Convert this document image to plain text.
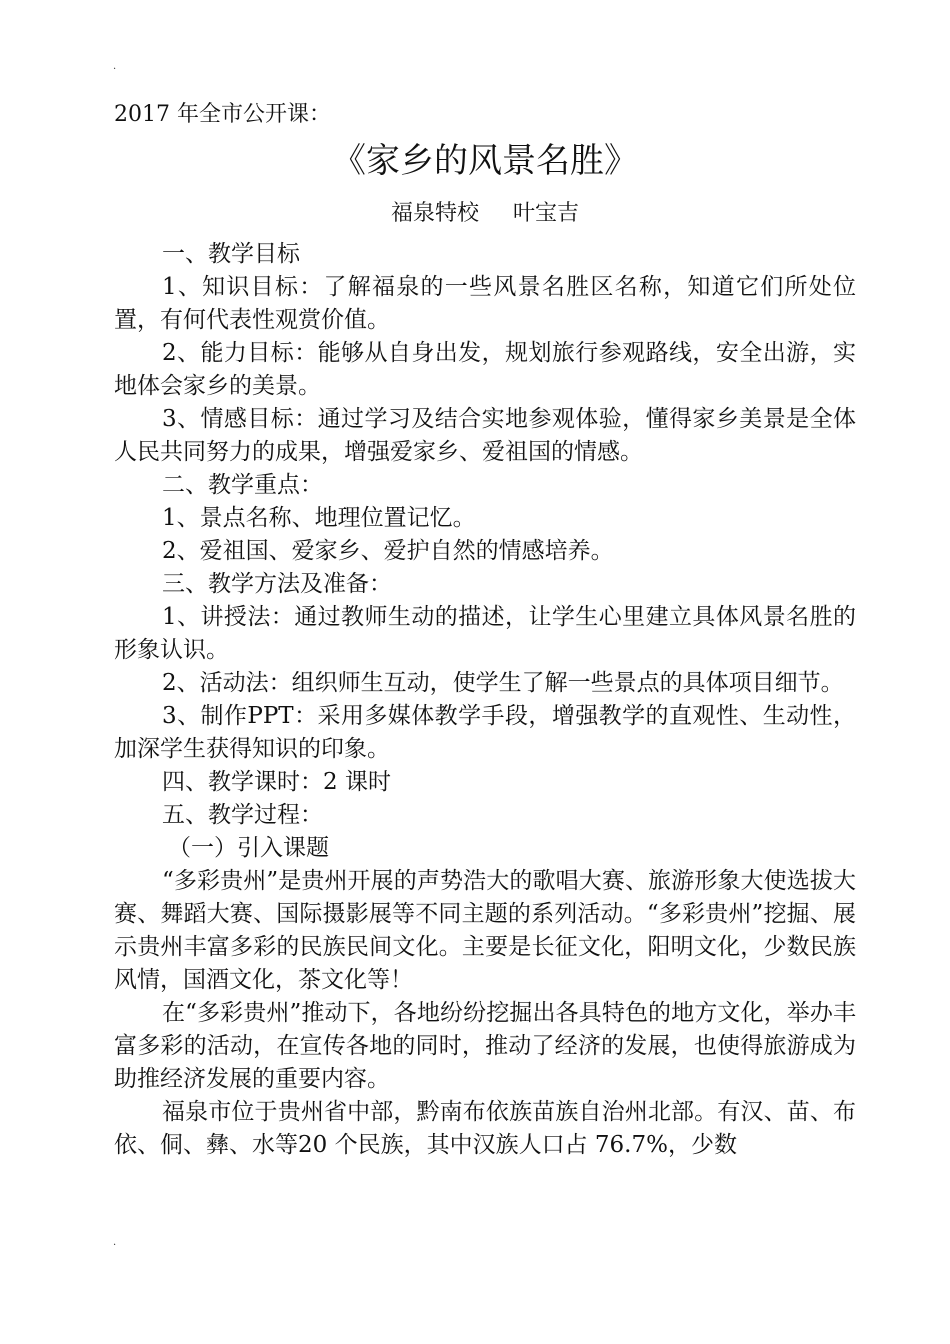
.

2017 年全市公开课：

《家乡的风景名胜》

福泉特校 叶宝吉

一、教学目标

1、知识目标：了解福泉的一些风景名胜区名称，知道它们所处位置，有何代表性观赏价值。

2、能力目标：能够从自身出发，规划旅行参观路线，安全出游，实地体会家乡的美景。

3、情感目标：通过学习及结合实地参观体验，懂得家乡美景是全体人民共同努力的成果，增强爱家乡、爱祖国的情感。

二、教学重点：

1、景点名称、地理位置记忆。

2、爱祖国、爱家乡、爱护自然的情感培养。

三、教学方法及准备：

1、讲授法：通过教师生动的描述，让学生心里建立具体风景名胜的形象认识。

2、活动法：组织师生互动，使学生了解一些景点的具体项目细节。

3、制作PPT：采用多媒体教学手段，增强教学的直观性、生动性，加深学生获得知识的印象。

四、教学课时：2 课时

五、教学过程：

（一）引入课题

“多彩贵州”是贵州开展的声势浩大的歌唱大赛、旅游形象大使选拔大赛、舞蹈大赛、国际摄影展等不同主题的系列活动。“多彩贵州”挖掘、展示贵州丰富多彩的民族民间文化。主要是长征文化，阳明文化，少数民族风情，国酒文化，茶文化等！

在“多彩贵州”推动下，各地纷纷挖掘出各具特色的地方文化，举办丰富多彩的活动，在宣传各地的同时，推动了经济的发展，也使得旅游成为助推经济发展的重要内容。

福泉市位于贵州省中部，黔南布依族苗族自治州北部。有汉、苗、布依、侗、彝、水等20 个民族，其中汉族人口占 76.7%，少数

.
